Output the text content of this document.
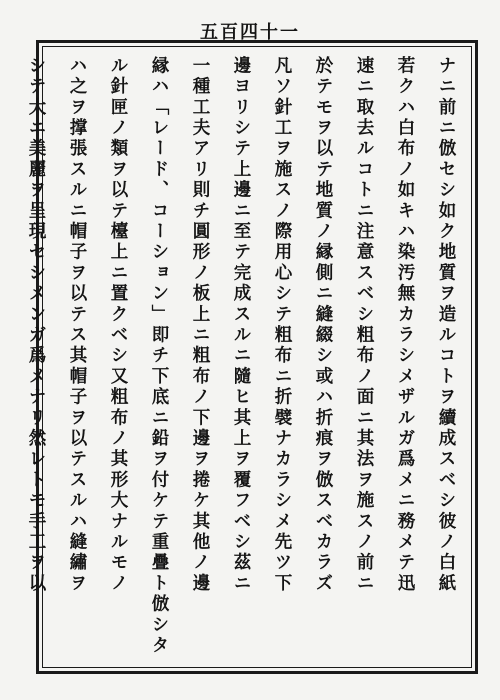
五百四十一
ナニ前ニ倣セシ如ク地質ヲ造ルコトヲ續成スベシ彼ノ白紙
若クハ白布ノ如キハ染汚無カラシメザルガ爲メニ務メテ迅
速ニ取去ルコトニ注意スベシ粗布ノ面ニ其法ヲ施スノ前ニ
於テモヲ以テ地質ノ縁側ニ縫綴シ或ハ折痕ヲ倣スベカラズ
凡ソ針工ヲ施スノ際用心シテ粗布ニ折襞ナカラシメ先ツ下
邊ヨリシテ上邊ニ至テ完成スルニ隨ヒ其上ヲ覆フベシ茲ニ
一種工夫アリ則チ圓形ノ板上ニ粗布ノ下邊ヲ捲ケ其他ノ邊
縁ハ「レード、コーション」即チ下底ニ鉛ヲ付ケテ重疊ト倣シタ
ル針匣ノ類ヲ以テ檯上ニ置クベシ又粗布ノ其形大ナルモノ
ハ之ヲ撑張スルニ帽子ヲ以テス其帽子ヲ以テスルハ縫繡ヲ
シテ大ニ美麗ヲ呈現セシメンガ爲メナリ然レトモ手工ヲ以
